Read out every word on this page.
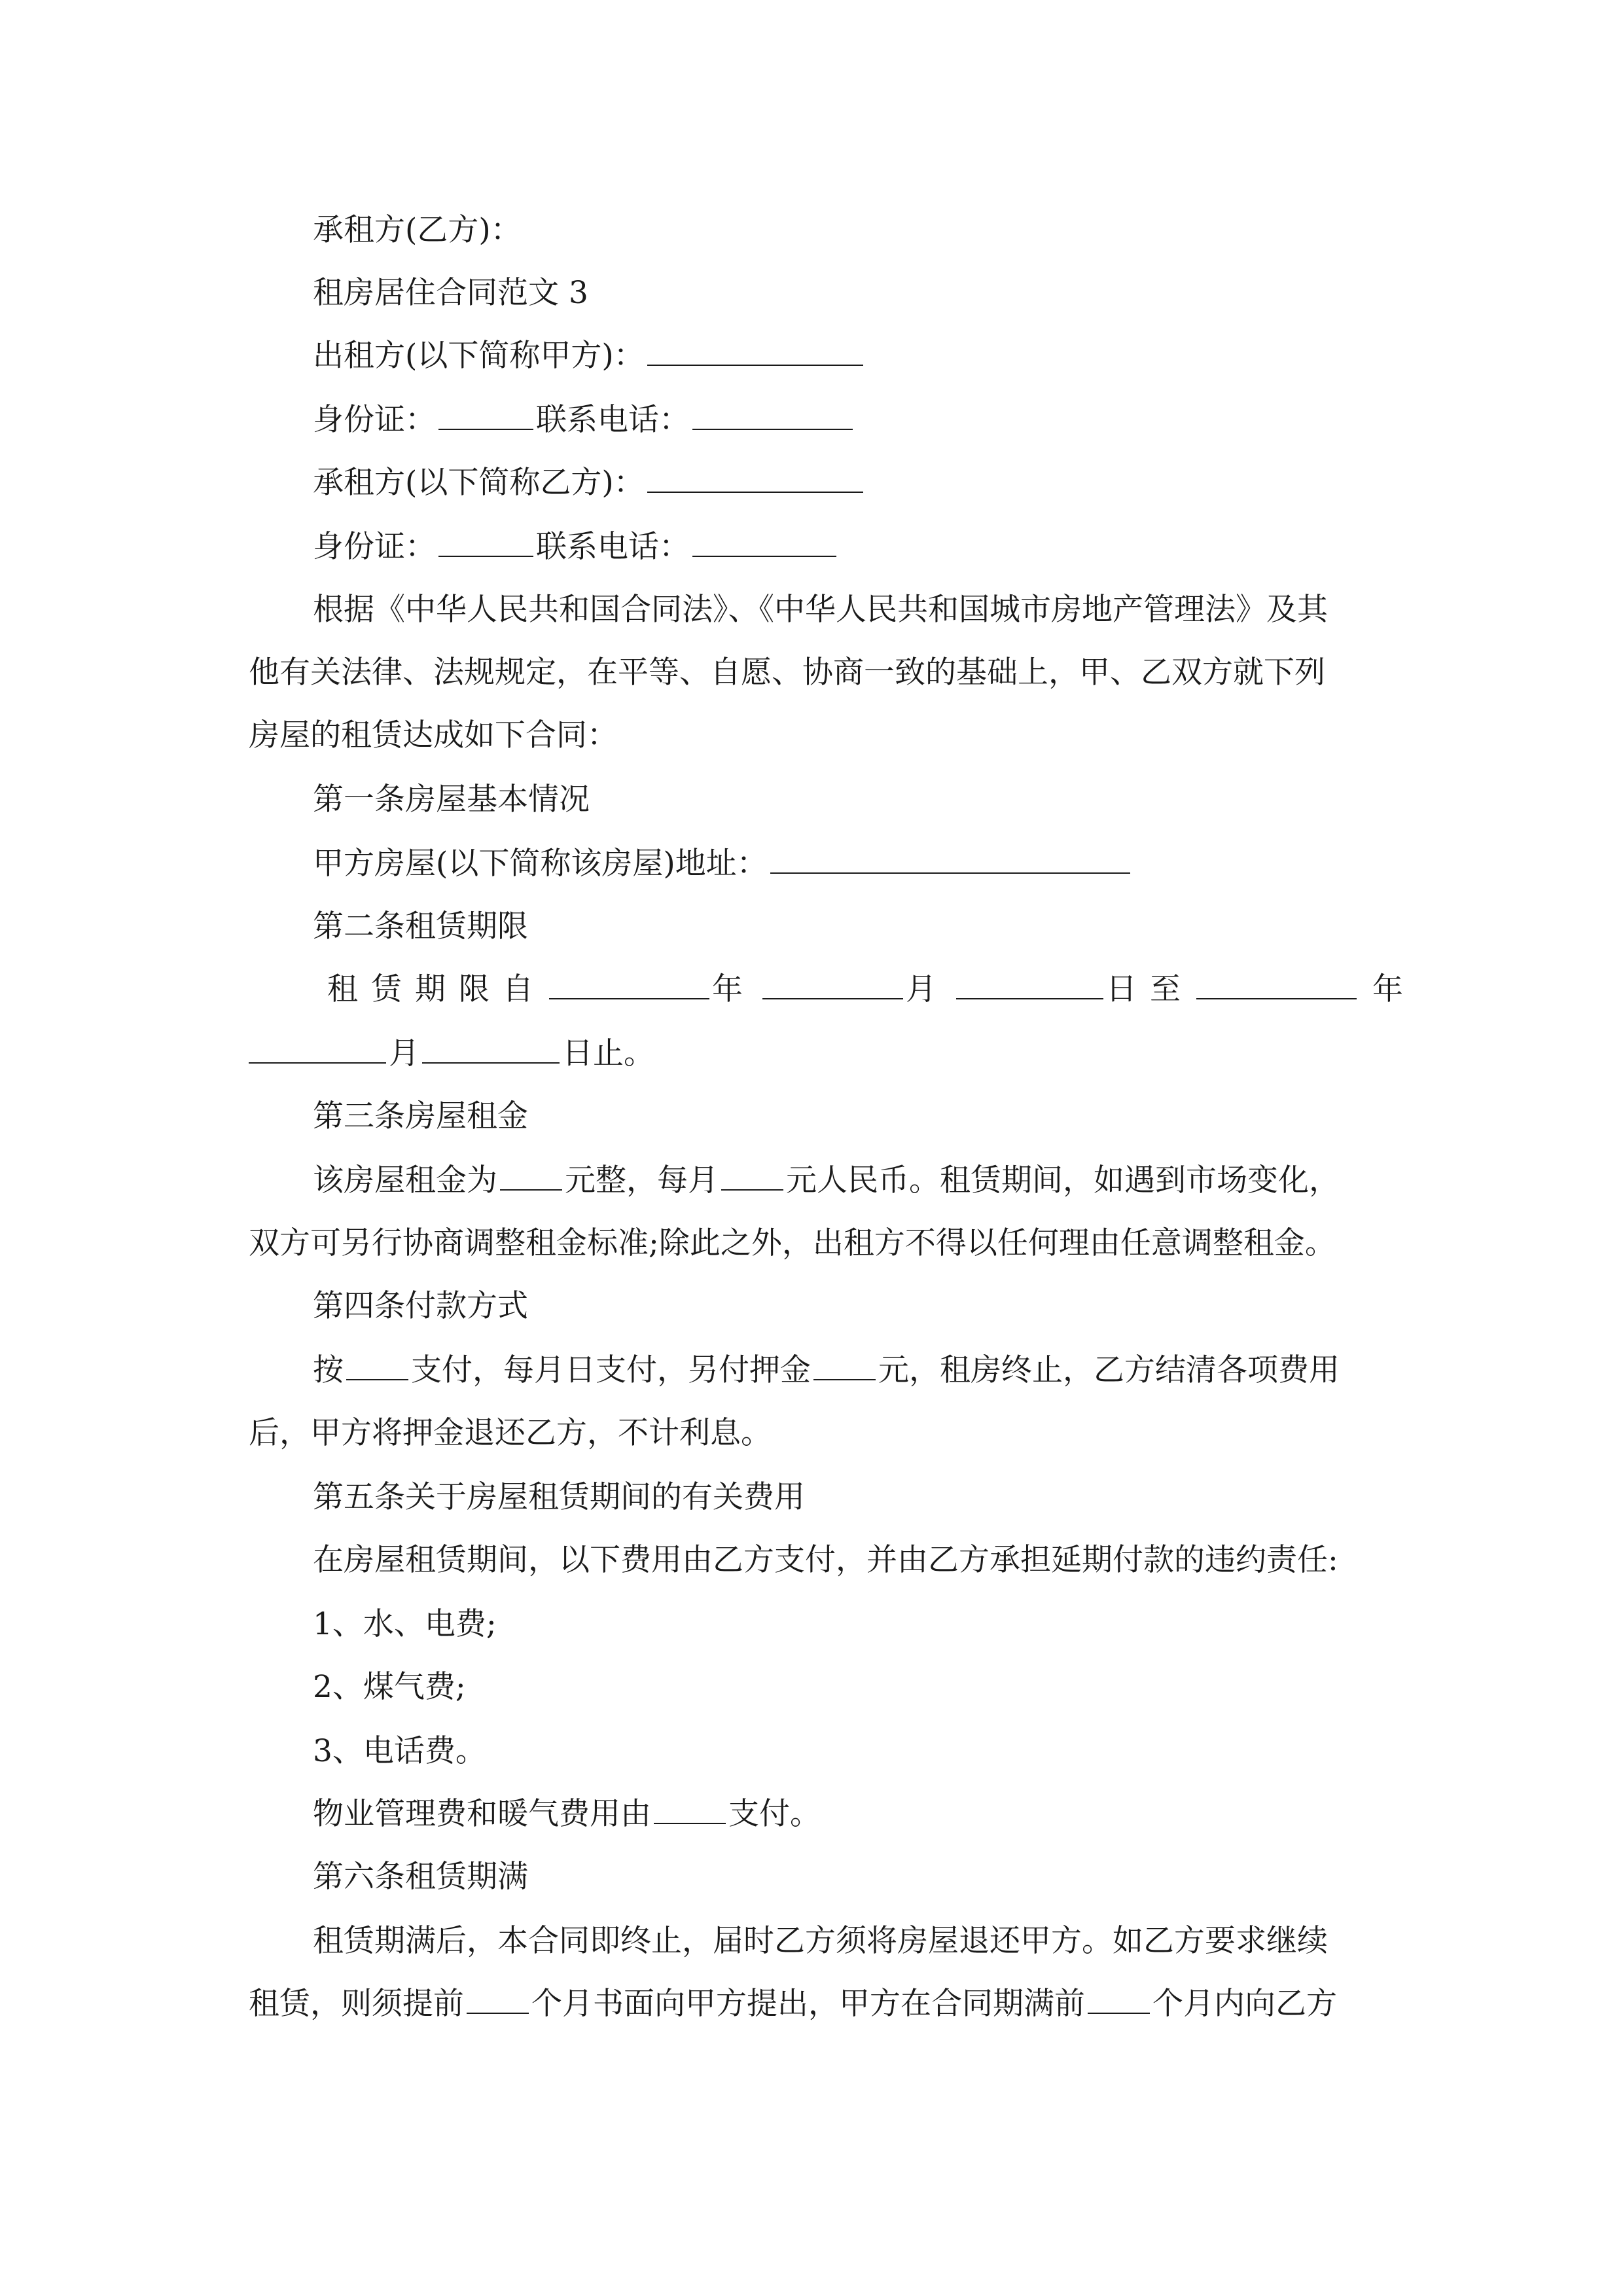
承租方(乙方)：
租房居住合同范文 3
出租方(以下简称甲方)：
身份证：	联系电话：
承租方(以下简称乙方)：
身份证：	联系电话：
根据《中华人民共和国合同法》、《中华人民共和国城市房地产管理法》及其
他有关法律、法规规定，在平等、自愿、协商一致的基础上，甲、乙双方就下列
房屋的租赁达成如下合同：
第一条房屋基本情况
甲方房屋(以下简称该房屋)地址：
第二条租赁期限
租赁期限自	年	月	日至	年
月	日止。
第三条房屋租金
该房屋租金为 元整，每月 元人民币。租赁期间，如遇到市场变化，
双方可另行协商调整租金标准;除此之外，出租方不得以任何理由任意调整租金。
第四条付款方式
按 支付，每月日支付，另付押金 元，租房终止，乙方结清各项费用
后，甲方将押金退还乙方，不计利息。
第五条关于房屋租赁期间的有关费用
在房屋租赁期间，以下费用由乙方支付，并由乙方承担延期付款的违约责任:
1、水、电费;
2、煤气费;
3、电话费。
物业管理费和暖气费用由	支付。
第六条租赁期满
租赁期满后，本合同即终止，届时乙方须将房屋退还甲方。如乙方要求继续
租赁，则须提前 个月书面向甲方提出，甲方在合同期满前 个月内向乙方
